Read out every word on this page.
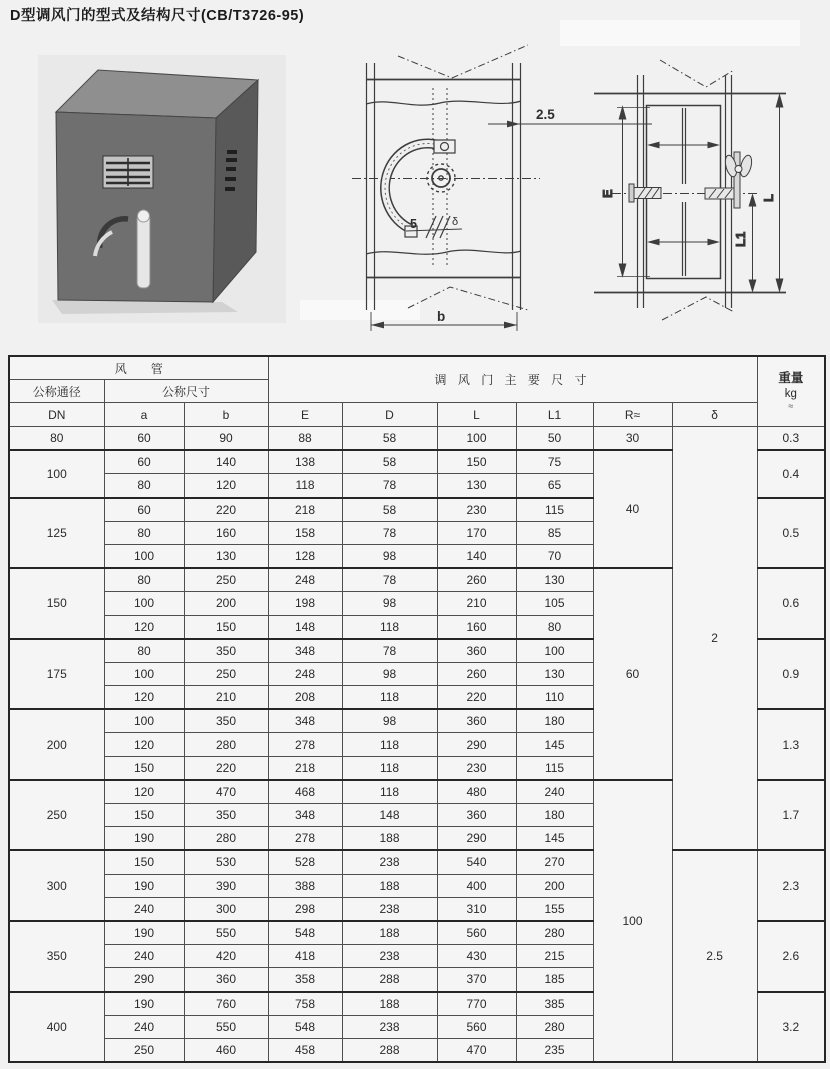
D型调风门的型式及结构尺寸(CB/T3726-95)
2.5
5	δ
b
E
L
L1
风　　管			调 风 门 主 要 尺 寸						重量
kg
≈

公称通径	公称尺寸								
DN	a	b	E	D	L	L1	R≈	δ	
80	60	90	88	58	100	50	30	2	0.3
100	60	140	138	58	150	75	40		0.4
	80	120	118	78	130	65			
125	60	220	218	58	230	115			0.5
	80	160	158	78	170	85			
	100	130	128	98	140	70			
150	80	250	248	78	260	130	60		0.6
	100	200	198	98	210	105			
	120	150	148	118	160	80			
175	80	350	348	78	360	100			0.9
	100	250	248	98	260	130			
	120	210	208	118	220	110			
200	100	350	348	98	360	180			1.3
	120	280	278	118	290	145			
	150	220	218	118	230	115			
250	120	470	468	118	480	240	100		1.7
	150	350	348	148	360	180			
	190	280	278	188	290	145			
300	150	530	528	238	540	270		2.5	2.3
	190	390	388	188	400	200			
	240	300	298	238	310	155			
350	190	550	548	188	560	280			2.6
	240	420	418	238	430	215			
	290	360	358	288	370	185			
400	190	760	758	188	770	385			3.2
	240	550	548	238	560	280			
	250	460	458	288	470	235			
